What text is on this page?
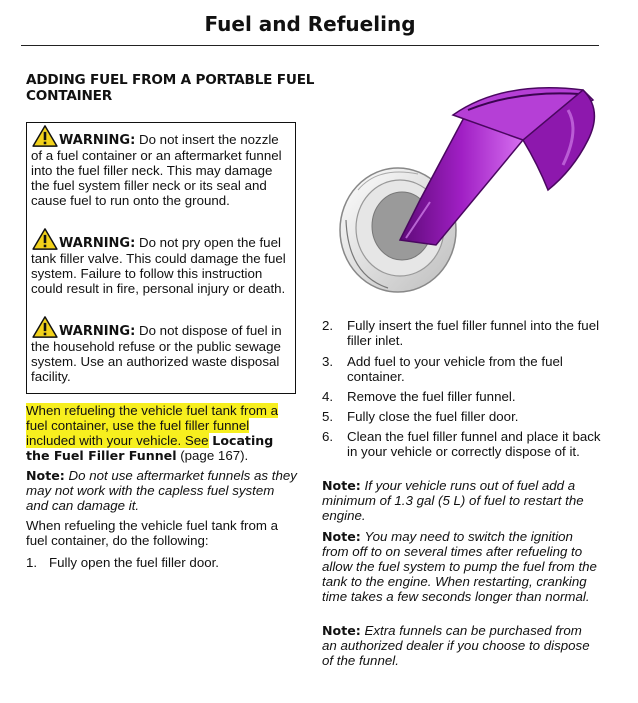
Fuel and Refueling
ADDING FUEL FROM A PORTABLE FUEL CONTAINER
WARNING: Do not insert the nozzle of a fuel container or an aftermarket funnel into the fuel filler neck. This may damage the fuel system filler neck or its seal and cause fuel to run onto the ground.
WARNING: Do not pry open the fuel tank filler valve. This could damage the fuel system. Failure to follow this instruction could result in fire, personal injury or death.
WARNING: Do not dispose of fuel in the household refuse or the public sewage system. Use an authorized waste disposal facility.
When refueling the vehicle fuel tank from a fuel container, use the fuel filler funnel included with your vehicle. See Locating the Fuel Filler Funnel (page 167).
Note: Do not use aftermarket funnels as they may not work with the capless fuel system and can damage it.
When refueling the vehicle fuel tank from a fuel container, do the following:
1. Fully open the fuel filler door.
2.	Fully insert the fuel filler funnel into the fuel filler inlet.
3.	Add fuel to your vehicle from the fuel container.
4.	Remove the fuel filler funnel.
5.	Fully close the fuel filler door.
6.	Clean the fuel filler funnel and place it back in your vehicle or correctly dispose of it.
Note: If your vehicle runs out of fuel add a minimum of 1.3 gal (5 L) of fuel to restart the engine.
Note: You may need to switch the ignition from off to on several times after refueling to allow the fuel system to pump the fuel from the tank to the engine. When restarting, cranking time takes a few seconds longer than normal.
Note: Extra funnels can be purchased from an authorized dealer if you choose to dispose of the funnel.
